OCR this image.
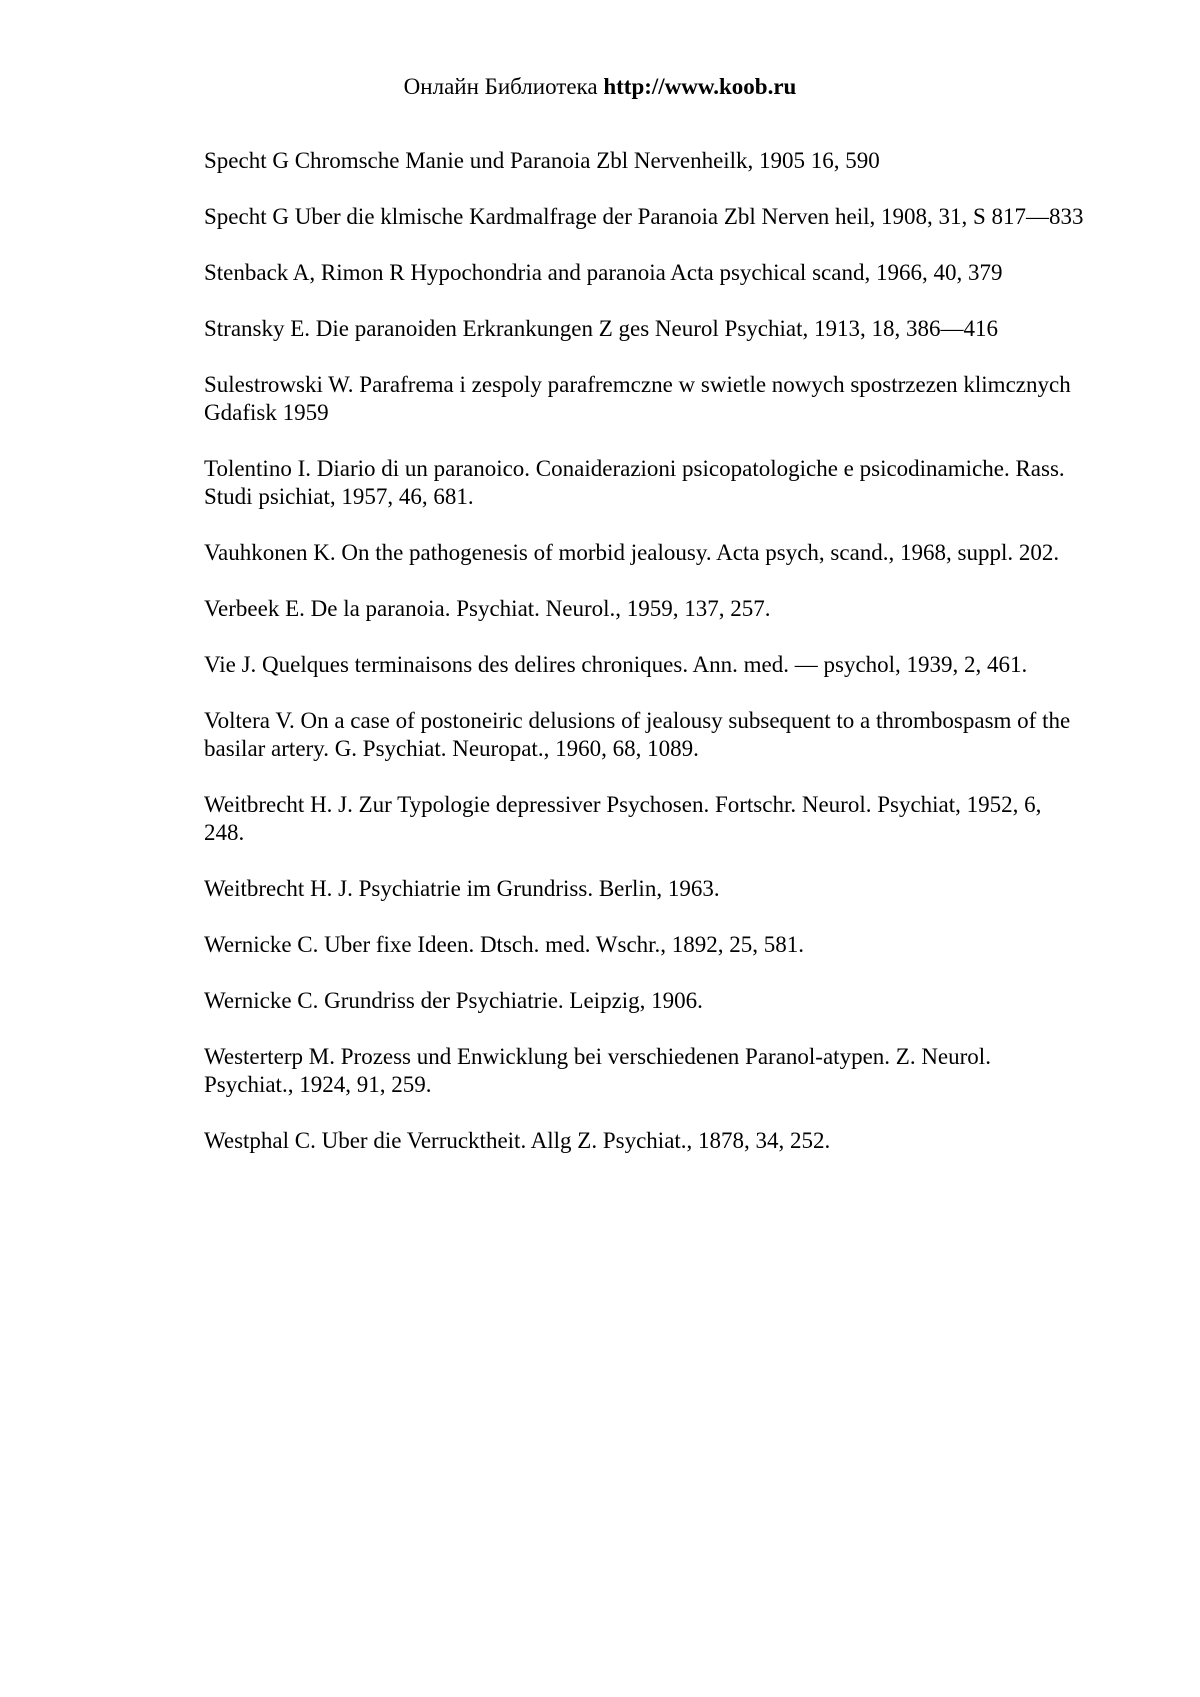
Онлайн Библиотека http://www.koob.ru

Specht G Chromsche Manie und Paranoia Zbl Nervenheilk, 1905 16, 590

Specht G Uber die klmische Kardmalfrage der Paranoia Zbl Nerven heil, 1908, 31, S 817—833

Stenback A, Rimon R Hypochondria and paranoia Acta psychical scand, 1966, 40, 379

Stransky E. Die paranoiden Erkrankungen Z ges Neurol Psychiat, 1913, 18, 386—416

Sulestrowski W. Parafrema i zespoly parafremczne w swietle nowych spostrzezen klimcznych Gdafisk 1959

Tolentino I. Diario di un paranoico. Conaiderazioni psicopatologiche e psicodinamiche. Rass. Studi psichiat, 1957, 46, 681.

Vauhkonen K. On the pathogenesis of morbid jealousy. Acta psych, scand., 1968, suppl. 202.

Verbeek E. De la paranoia. Psychiat. Neurol., 1959, 137, 257.

Vie J. Quelques terminaisons des delires chroniques. Ann. med. — psychol, 1939, 2, 461.

Voltera V. On a case of postoneiric delusions of jealousy subsequent to a thrombospasm of the basilar artery. G. Psychiat. Neuropat., 1960, 68, 1089.

Weitbrecht H. J. Zur Typologie depressiver Psychosen. Fortschr. Neurol. Psychiat, 1952, 6, 248.

Weitbrecht H. J. Psychiatrie im Grundriss. Berlin, 1963.

Wernicke C. Uber fixe Ideen. Dtsch. med. Wschr., 1892, 25, 581.

Wernicke C. Grundriss der Psychiatrie. Leipzig, 1906.

Westerterp M. Prozess und Enwicklung bei verschiedenen Paranol-atypen. Z. Neurol. Psychiat., 1924, 91, 259.

Westphal C. Uber die Verrucktheit. Allg Z. Psychiat., 1878, 34, 252.
